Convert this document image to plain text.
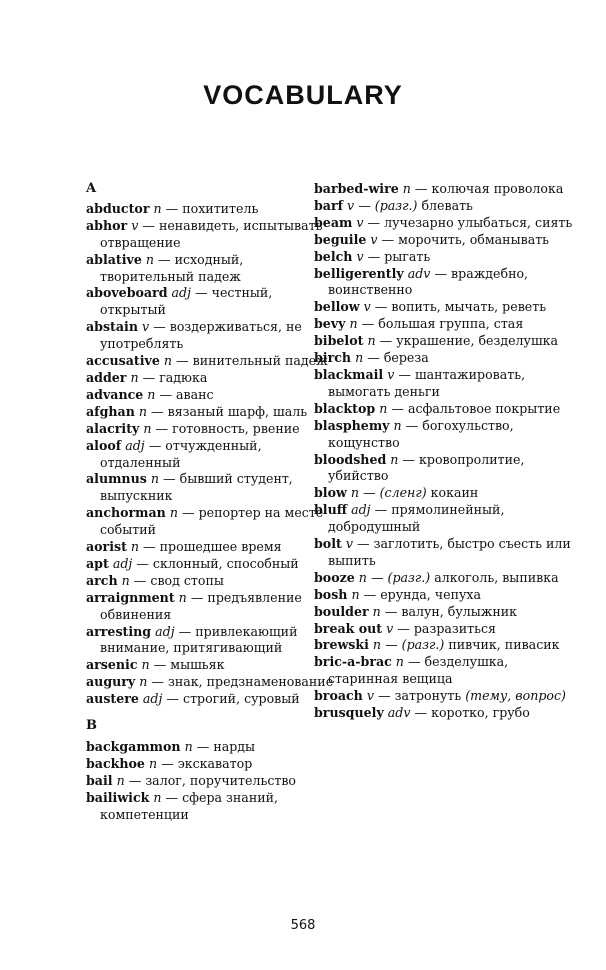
VOCABULARY
A
abductor n — похититель
abhor v — ненавидеть, испытывать отвращение
ablative n — исходный, творительный падеж
aboveboard adj — честный, открытый
abstain v — воздерживаться, не употреблять
accusative n — винительный падеж
adder n — гадюка
advance n — аванс
afghan n — вязаный шарф, шаль
alacrity n — готовность, рвение
aloof adj — отчужденный, отдаленный
alumnus n — бывший студент, выпускник
anchorman n — репортер на месте событий
aorist n — прошедшее время
apt adj — склонный, способный
arch n — свод стопы
arraignment n — предъявление обвинения
arresting adj — привлекающий внимание, притягивающий
arsenic n — мышьяк
augury n — знак, предзнаменование
austere adj — строгий, суровый
B
backgammon n — нарды
backhoe n — экскаватор
bail n — залог, поручительство
bailiwick n — сфера знаний, компетенции
barbed-wire n — колючая проволока
barf v — (разг.) блевать
beam v — лучезарно улыбаться, сиять
beguile v — морочить, обманывать
belch v — рыгать
belligerently adv — враждебно, воинственно
bellow v — вопить, мычать, реветь
bevy n — большая группа, стая
bibelot n — украшение, безделушка
birch n — береза
blackmail v — шантажировать, вымогать деньги
blacktop n — асфальтовое покрытие
blasphemy n — богохульство, кощунство
bloodshed n — кровопролитие, убийство
blow n — (сленг) кокаин
bluff adj — прямолинейный, добродушный
bolt v — заглотить, быстро съесть или выпить
booze n — (разг.) алкоголь, выпивка
bosh n — ерунда, чепуха
boulder n — валун, булыжник
break out v — разразиться
brewski n — (разг.) пивчик, пивасик
bric-a-brac n — безделушка, старинная вещица
broach v — затронуть (тему, вопрос)
brusquely adv — коротко, грубо
568
